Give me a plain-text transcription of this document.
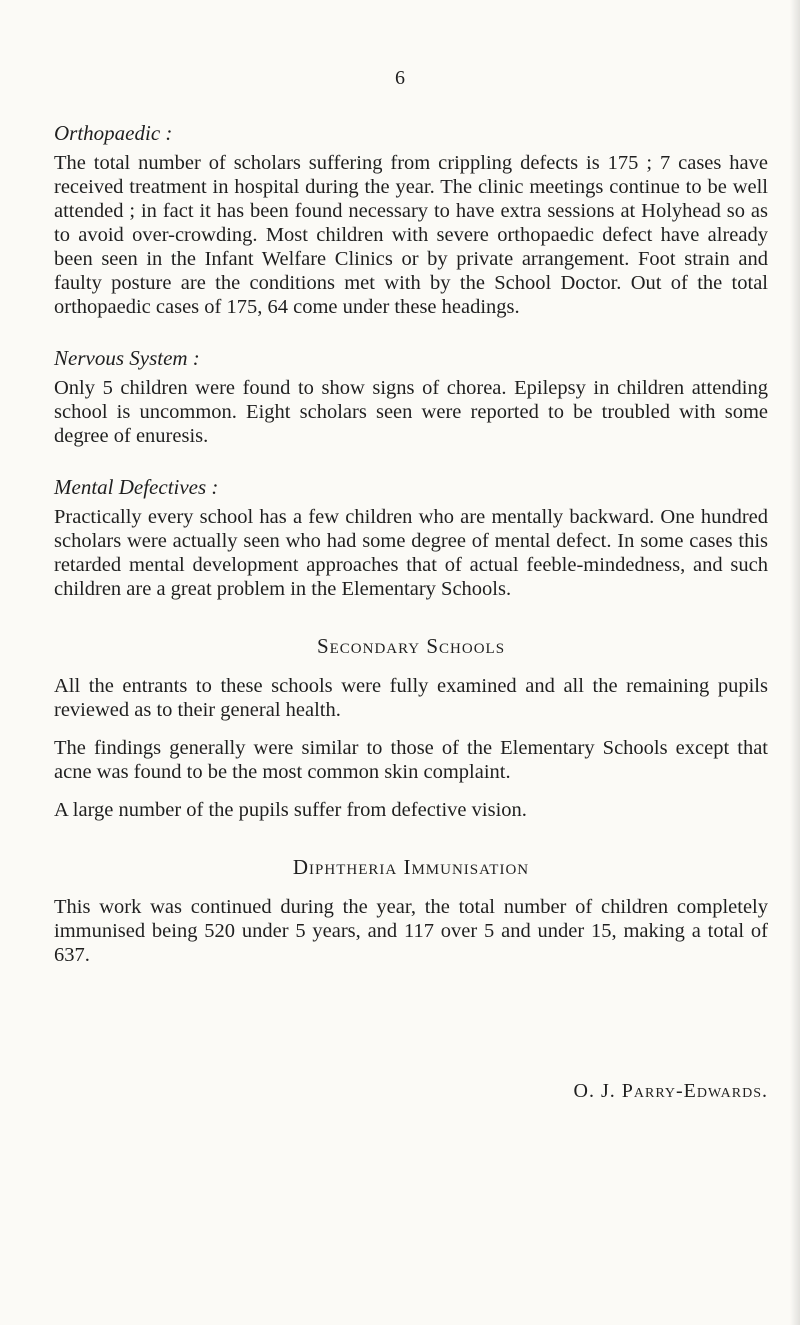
6

Orthopaedic :

The total number of scholars suffering from crippling defects is 175 ; 7 cases have received treatment in hospital during the year. The clinic meetings continue to be well attended ; in fact it has been found necessary to have extra sessions at Holyhead so as to avoid over-crowding. Most children with severe orthopaedic defect have already been seen in the Infant Welfare Clinics or by private arrangement. Foot strain and faulty posture are the conditions met with by the School Doctor. Out of the total orthopaedic cases of 175, 64 come under these headings.

Nervous System :

Only 5 children were found to show signs of chorea. Epilepsy in children attending school is uncommon. Eight scholars seen were reported to be troubled with some degree of enuresis.

Mental Defectives :

Practically every school has a few children who are mentally backward. One hundred scholars were actually seen who had some degree of mental defect. In some cases this retarded mental development approaches that of actual feeble-mindedness, and such children are a great problem in the Elementary Schools.

Secondary Schools

All the entrants to these schools were fully examined and all the remaining pupils reviewed as to their general health.

The findings generally were similar to those of the Elementary Schools except that acne was found to be the most common skin complaint.

A large number of the pupils suffer from defective vision.

Diphtheria Immunisation

This work was continued during the year, the total number of children completely immunised being 520 under 5 years, and 117 over 5 and under 15, making a total of 637.

O. J. Parry-Edwards.
